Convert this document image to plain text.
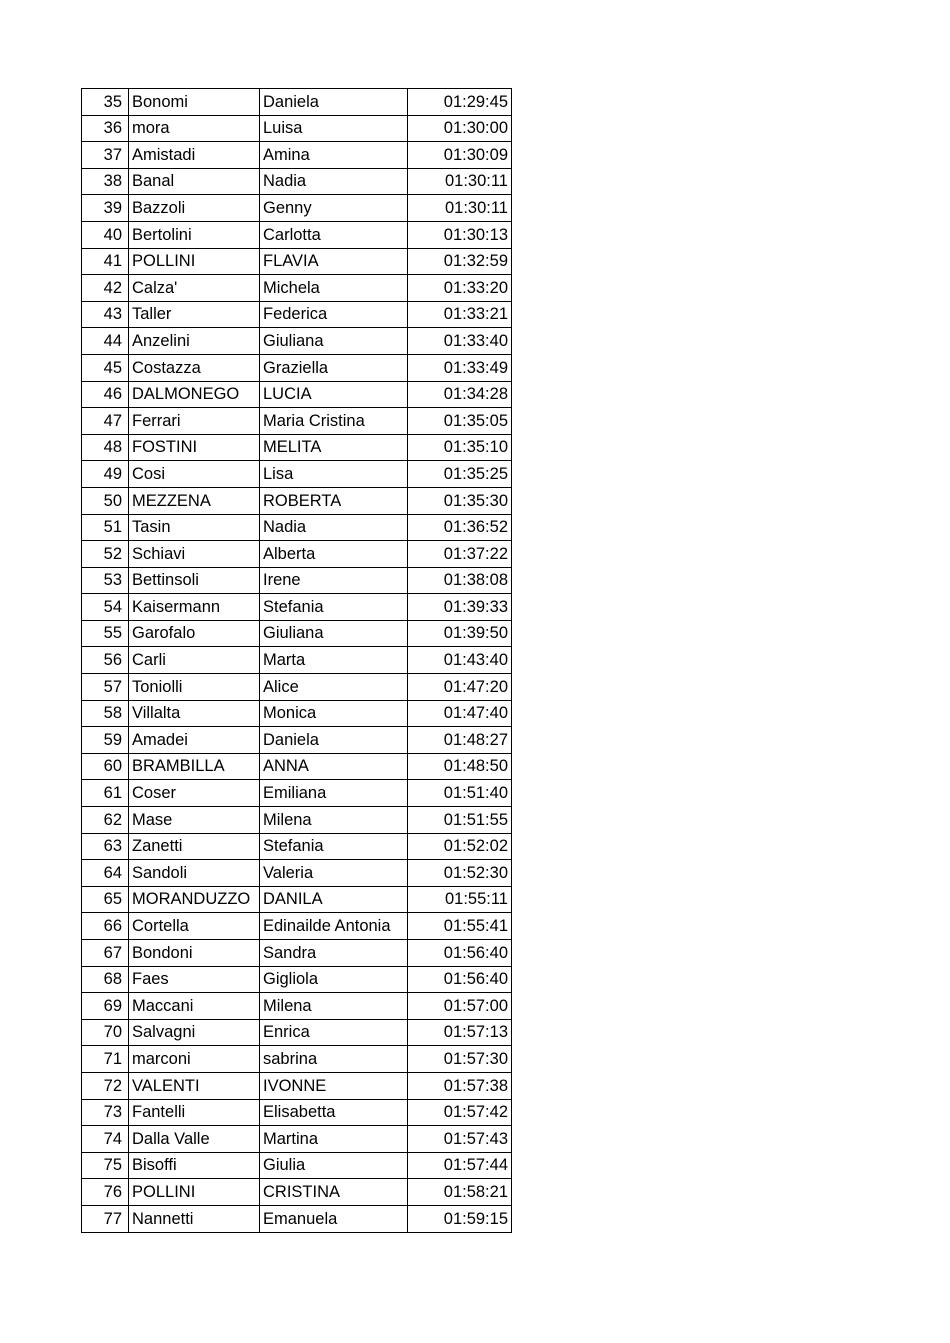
35	Bonomi	Daniela	01:29:45
36	mora	Luisa	01:30:00
37	Amistadi	Amina	01:30:09
38	Banal	Nadia	01:30:11
39	Bazzoli	Genny	01:30:11
40	Bertolini	Carlotta	01:30:13
41	POLLINI	FLAVIA	01:32:59
42	Calza'	Michela	01:33:20
43	Taller	Federica	01:33:21
44	Anzelini	Giuliana	01:33:40
45	Costazza	Graziella	01:33:49
46	DALMONEGO	LUCIA	01:34:28
47	Ferrari	Maria Cristina	01:35:05
48	FOSTINI	MELITA	01:35:10
49	Cosi	Lisa	01:35:25
50	MEZZENA	ROBERTA	01:35:30
51	Tasin	Nadia	01:36:52
52	Schiavi	Alberta	01:37:22
53	Bettinsoli	Irene	01:38:08
54	Kaisermann	Stefania	01:39:33
55	Garofalo	Giuliana	01:39:50
56	Carli	Marta	01:43:40
57	Toniolli	Alice	01:47:20
58	Villalta	Monica	01:47:40
59	Amadei	Daniela	01:48:27
60	BRAMBILLA	ANNA	01:48:50
61	Coser	Emiliana	01:51:40
62	Mase	Milena	01:51:55
63	Zanetti	Stefania	01:52:02
64	Sandoli	Valeria	01:52:30
65	MORANDUZZO	DANILA	01:55:11
66	Cortella	Edinailde Antonia	01:55:41
67	Bondoni	Sandra	01:56:40
68	Faes	Gigliola	01:56:40
69	Maccani	Milena	01:57:00
70	Salvagni	Enrica	01:57:13
71	marconi	sabrina	01:57:30
72	VALENTI	IVONNE	01:57:38
73	Fantelli	Elisabetta	01:57:42
74	Dalla Valle	Martina	01:57:43
75	Bisoffi	Giulia	01:57:44
76	POLLINI	CRISTINA	01:58:21
77	Nannetti	Emanuela	01:59:15
